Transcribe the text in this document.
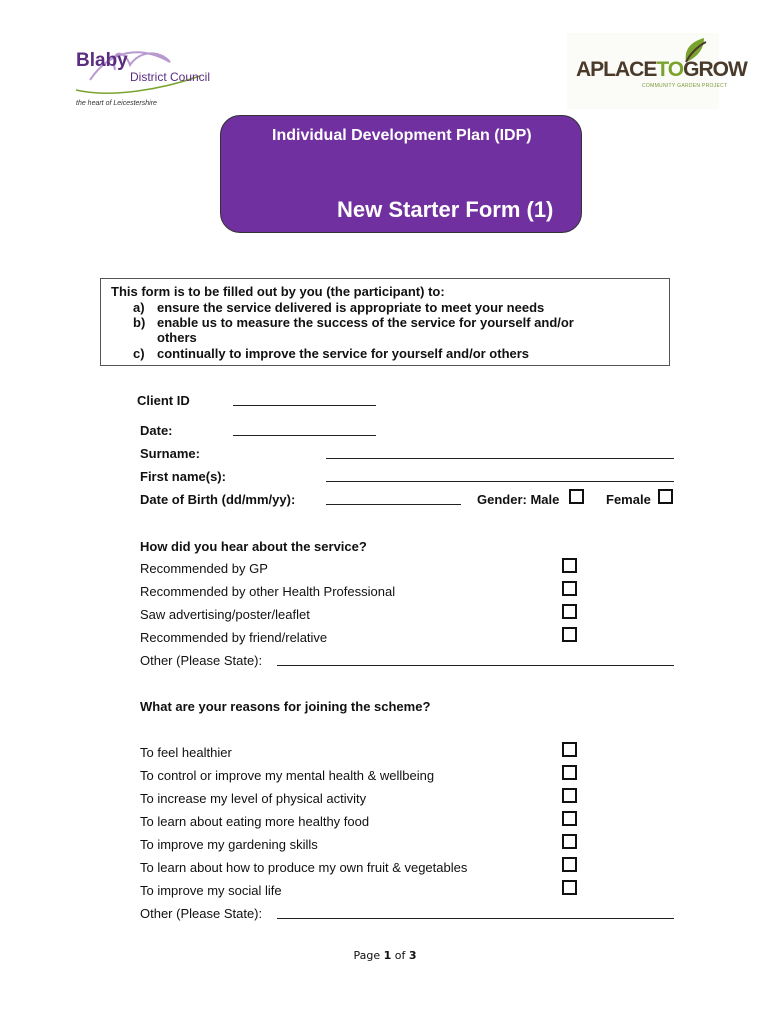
Blaby
District Council
the heart of Leicestershire
APLACETOGROW
COMMUNITY GARDEN PROJECT
Individual Development Plan (IDP)
New Starter Form (1)
This form is to be filled out by you (the participant) to:
a) ensure the service delivered is appropriate to meet your needs
b) enable us to measure the success of the service for yourself and/or
others
c) continually to improve the service for yourself and/or others
Client ID
Date:
Surname:
First name(s):
Date of Birth (dd/mm/yy):	Gender: Male	Female
How did you hear about the service?
Recommended by GP
Recommended by other Health Professional
Saw advertising/poster/leaflet
Recommended by friend/relative
Other (Please State):
What are your reasons for joining the scheme?
To feel healthier
To control or improve my mental health & wellbeing
To increase my level of physical activity
To learn about eating more healthy food
To improve my gardening skills
To learn about how to produce my own fruit & vegetables
To improve my social life
Other (Please State):
Page 1 of 3
